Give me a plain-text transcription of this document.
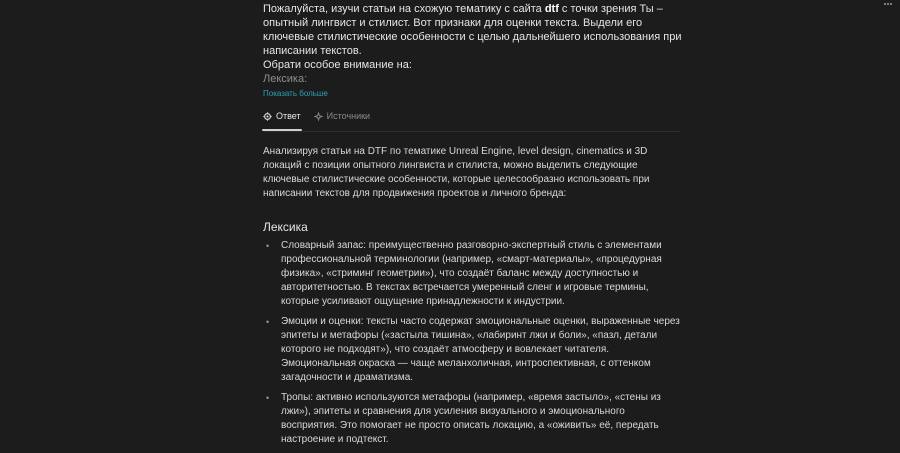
Пожалуйста, изучи статьи на схожую тематику с сайта dtf с точки зрения Ты – опытный лингвист и стилист. Вот признаки для оценки текста. Выдели его ключевые стилистические особенности с целью дальнейшего использования при написании текстов.

Обрати особое внимание на:

Лексика:

Показать больше
Ответ	Источники

Анализируя статьи на DTF по тематике Unreal Engine, level design, cinematics и 3D локаций с позиции опытного лингвиста и стилиста, можно выделить следующие ключевые стилистические особенности, которые целесообразно использовать при написании текстов для продвижения проектов и личного бренда:

Лексика
• Словарный запас: преимущественно разговорно-экспертный стиль с элементами профессиональной терминологии (например, «смарт-материалы», «процедурная физика», «стриминг геометрии»), что создаёт баланс между доступностью и авторитетностью. В текстах встречается умеренный сленг и игровые термины, которые усиливают ощущение принадлежности к индустрии.
• Эмоции и оценки: тексты часто содержат эмоциональные оценки, выраженные через эпитеты и метафоры («застыла тишина», «лабиринт лжи и боли», «пазл, детали которого не подходят»), что создаёт атмосферу и вовлекает читателя. Эмоциональная окраска — чаще меланхоличная, интроспективная, с оттенком загадочности и драматизма.
• Тропы: активно используются метафоры (например, «время застыло», «стены из лжи»), эпитеты и сравнения для усиления визуального и эмоционального восприятия. Это помогает не просто описать локацию, а «оживить» её, передать настроение и подтекст.
